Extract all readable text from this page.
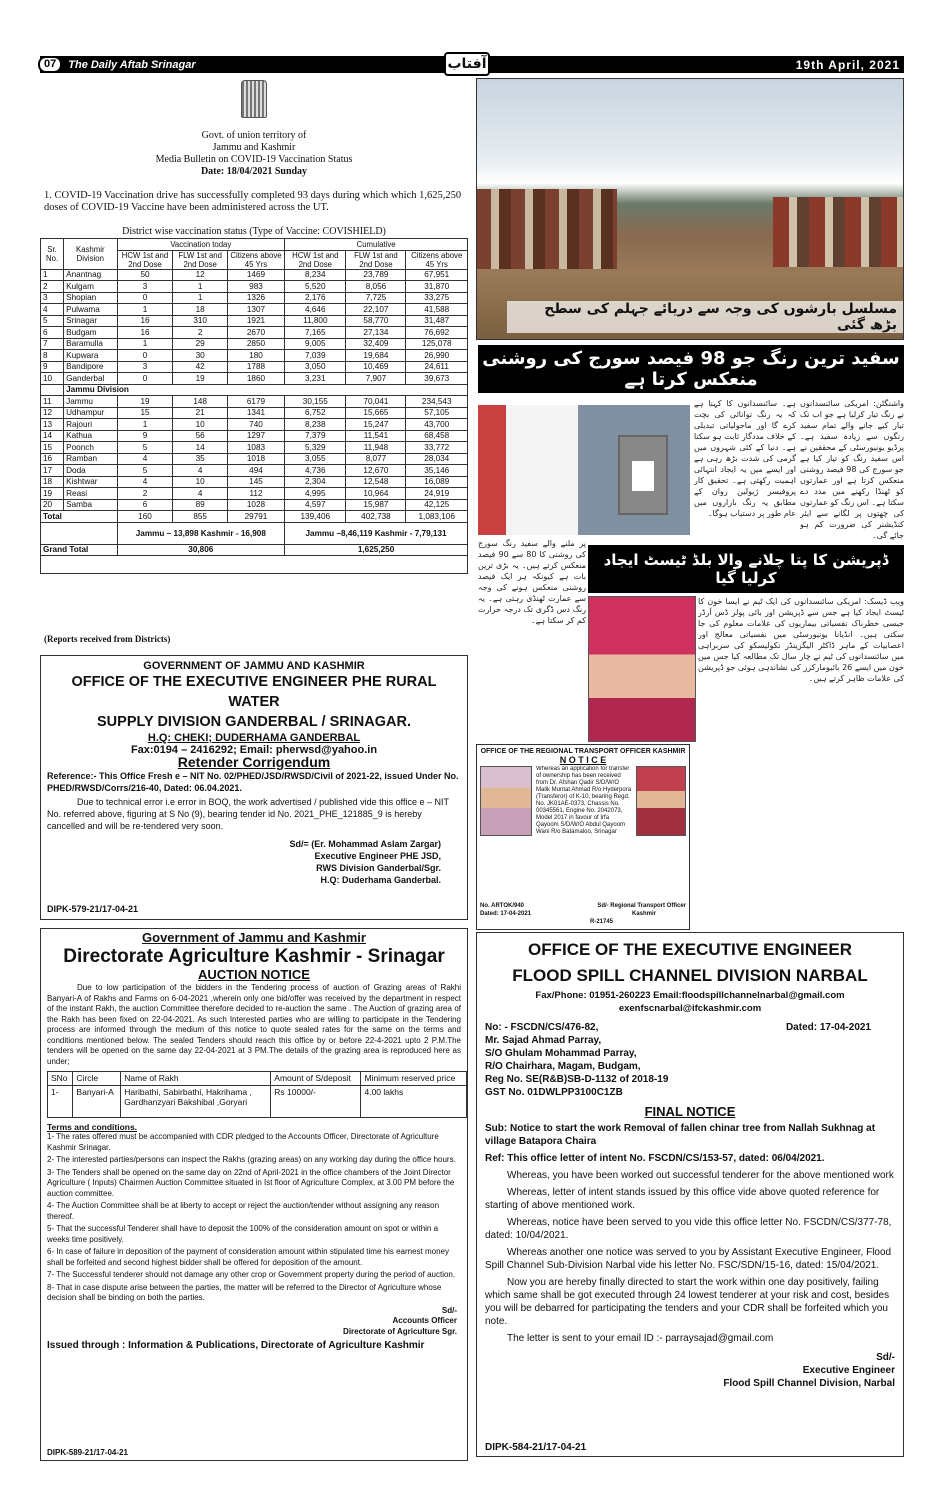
07	The Daily Aftab Srinagar	19th April, 2021
آفتاب
Govt. of union territory of
Jammu and Kashmir
Media Bulletin on COVID-19 Vaccination Status
Date: 18/04/2021 Sunday
1. COVID-19 Vaccination drive has successfully completed 93 days during which which 1,625,250 doses of COVID-19 Vaccine have been administered across the UT.
District wise vaccination status (Type of Vaccine: COVISHIELD)
Sr. No.	Kashmir Division	Vaccination today			Cumulative		
		HCW 1st and 2nd Dose	FLW 1st and 2nd Dose	Citizens above 45 Yrs	HCW 1st and 2nd Dose	FLW 1st and 2nd Dose	Citizens above 45 Yrs
1	Anantnag	50	12	1469	8,234	23,789	67,951
2	Kulgam	3	1	983	5,520	8,056	31,870
3	Shopian	0	1	1326	2,176	7,725	33,275
4	Pulwama	1	18	1307	4,646	22,107	41,588
5	Srinagar	16	310	1921	11,800	58,770	31,487
6	Budgam	16	2	2670	7,165	27,134	76,692
7	Baramulla	1	29	2850	9,005	32,409	125,078
8	Kupwara	0	30	180	7,039	19,684	26,990
9	Bandipore	3	42	1788	3,050	10,469	24,611
10	Ganderbal	0	19	1860	3,231	7,907	39,673
	Jammu Division						
11	Jammu	19	148	6179	30,155	70,041	234,543
12	Udhampur	15	21	1341	6,752	15,665	57,105
13	Rajouri	1	10	740	8,238	15,247	43,700
14	Kathua	9	56	1297	7,379	11,541	68,458
15	Poonch	5	14	1083	5,329	11,948	33,772
16	Ramban	4	35	1018	3,055	8,077	28,034
17	Doda	5	4	494	4,736	12,670	35,146
18	Kishtwar	4	10	145	2,304	12,548	16,089
19	Reasi	2	4	112	4,995	10,964	24,919
20	Samba	6	89	1028	4,597	15,987	42,125
Total		160	855	29791	139,406	402,738	1,083,106
		Jammu – 13,898 Kashmir - 16,908			Jammu –8,46,119 Kashmir - 7,79,131		
Grand Total		30,806			1,625,250		

(Reports received from Districts)
GOVERNMENT OF JAMMU AND KASHMIR
OFFICE OF THE EXECUTIVE ENGINEER PHE RURAL WATER
SUPPLY DIVISION GANDERBAL / SRINAGAR.
H.Q: CHEKI; DUDERHAMA GANDERBAL
Fax:0194 – 2416292; Email: pherwsd@yahoo.in
Retender Corrigendum
Reference:- This Office Fresh e – NIT No. 02/PHED/JSD/RWSD/Civil of 2021-22, issued Under No. PHED/RWSD/Corrs/216-40, Dated: 06.04.2021.
Due to technical error i.e error in BOQ, the work advertised / published vide this office e – NIT No. referred above, figuring at S No (9), bearing tender id No. 2021_PHE_121885_9 is hereby cancelled and will be re-tendered very soon.
Sd/= (Er. Mohammad Aslam Zargar)
Executive Engineer PHE JSD,
RWS Division Ganderbal/Sgr.
H.Q: Duderhama Ganderbal.
DIPK-579-21/17-04-21
Government of Jammu and Kashmir
Directorate Agriculture Kashmir - Srinagar
AUCTION NOTICE
Due to low participation of the bidders in the Tendering process of auction of Grazing areas of Rakhi Banyari-A of Rakhs and Farms on 6-04-2021 ,wherein only one bid/offer was received by the department in respect of the instant Rakh, the auction Committee therefore decided to re-auction the same . The Auction of grazing area of the Rakh has been fixed on 22-04-2021. As such Interested parties who are willing to participate in the Tendering process are informed through the medium of this notice to quote sealed rates for the same on the terms and conditions mentioned below. The sealed Tenders should reach this office by or before 22-4-2021 upto 2 P.M.The tenders will be opened on the same day 22-04-2021 at 3 PM.The details of the grazing area is reproduced here as under;
SNo	Circle	Name of Rakh	Amount of S/deposit	Minimum reserved price
1-	Banyari-A	Haribathi, Sabirbathi, Hakrihama , Gardhanzyari Bakshibal ,Goryari	Rs 10000/-	4.00 lakhs
Terms and conditions.
1- The rates offered must be accompanied with CDR pledged to the Accounts Officer, Directorate of Agriculture Kashmir Srinagar.
2- The interested parties/persons can inspect the Rakhs (grazing areas) on any working day during the office hours.
3- The Tenders shall be opened on the same day on 22nd of April-2021 in the office chambers of the Joint Director Agriculture ( Inputs) Chairmen Auction Committee situated in Ist floor of Agriculture Complex, at 3.00 PM before the auction committee.
4- The Auction Committee shall be at liberty to accept or reject the auction/tender without assigning any reason thereof.
5- That the successful Tenderer shall have to deposit the 100% of the consideration amount on spot or within a weeks time positively.
6- In case of failure in deposition of the payment of consideration amount within stipulated time his earnest money shall be forfeited and second highest bidder shall be offered for deposition of the amount.
7- The Successful tenderer should not damage any other crop or Government property during the period of auction.
8- That in case dispute arise between the parties, the matter will be referred to the Director of Agriculture whose decision shall be binding on both the parties.
Sd/-
Accounts Officer
Directorate of Agriculture Sgr.
Issued through : Information & Publications, Directorate of Agriculture Kashmir
DIPK-589-21/17-04-21
OFFICE OF THE EXECUTIVE ENGINEER
FLOOD SPILL CHANNEL DIVISION NARBAL
Fax/Phone: 01951-260223 Email:floodspillchannelnarbal@gmail.com
exenfscnarbal@ifckashmir.com
No: - FSCDN/CS/476-82,	Dated: 17-04-2021
Mr. Sajad Ahmad Parray,
S/O Ghulam Mohammad Parray,
R/O Chairhara, Magam, Budgam,
Reg No. SE(R&B)SB-D-1132 of 2018-19
GST No. 01DWLPP3100C1ZB
FINAL NOTICE

Sub: Notice to start the work Removal of fallen chinar tree from Nallah Sukhnag at village Batapora Chaira

Ref: This office letter of intent No. FSCDN/CS/153-57, dated: 06/04/2021.

Whereas, you have been worked out successful tenderer for the above mentioned work

Whereas, letter of intent stands issued by this office vide above quoted reference for starting of above mentioned work.

Whereas, notice have been served to you vide this office letter No. FSCDN/CS/377-78, dated: 10/04/2021.

Whereas another one notice was served to you by Assistant Executive Engineer, Flood Spill Channel Sub-Division Narbal vide his letter No. FSC/SDN/15-16, dated: 15/04/2021.

Now you are hereby finally directed to start the work within one day positively, failing which same shall be got executed through 24 lowest tenderer at your risk and cost, besides you will be debarred for participating the tenders and your CDR shall be forfeited which you note.

The letter is sent to your email ID :- parraysajad@gmail.com

Sd/-
Executive Engineer
Flood Spill Channel Division, Narbal
DIPK-584-21/17-04-21
مسلسل بارشوں کی وجہ سے دریائے جہلم کی سطح بڑھ گئی
سفید ترین رنگ جو 98 فیصد سورج کی روشنی منعکس کرتا ہے
واشنگٹن: امریکی سائنسدانوں نے رنگ تیار کرلیا ہے جو اب تک تیار کیے جانے والے تمام سفید رنگوں سے زیادہ سفید ہے۔ پرڈیو یونیورسٹی کے محققین نے اس سفید رنگ کو تیار کیا ہے جو سورج کی 98 فیصد روشنی منعکس کرتا ہے اور عمارتوں کو ٹھنڈا رکھنے میں مدد دے سکتا ہے۔ اس رنگ کو عمارتوں کی چھتوں پر لگانے سے ایئر کنڈیشنر کی ضرورت کم ہو جائے گی۔
ہے۔ سائنسدانوں کا کہنا ہے کہ یہ رنگ توانائی کی بچت کرے گا اور ماحولیاتی تبدیلی کے خلاف مددگار ثابت ہو سکتا ہے۔ دنیا کے کئی شہروں میں گرمی کی شدت بڑھ رہی ہے اور ایسے میں یہ ایجاد انتہائی اہمیت رکھتی ہے۔ تحقیق کار پروفیسر ژیولین روان کے مطابق یہ رنگ بازاروں میں عام طور پر دستیاب ہوگا۔
پر ملنے والے سفید رنگ سورج کی روشنی کا 80 سے 90 فیصد منعکس کرتے ہیں۔ یہ بڑی ترین بات ہے کیونکہ ہر ایک فیصد روشنی منعکس ہونے کی وجہ سے عمارت ٹھنڈی رہتی ہے۔ یہ رنگ دس ڈگری تک درجہ حرارت کم کر سکتا ہے۔
ڈپریشن کا پتا چلانے والا بلڈ ٹیسٹ ایجاد کرلیا گیا
ویب ڈیسک: امریکی سائنسدانوں کی ایک ٹیم نے ایسا خون کا ٹیسٹ ایجاد کیا ہے جس سے ڈپریشن اور بائی پولر ڈس آرڈر جیسی خطرناک نفسیاتی بیماریوں کی علامات معلوم کی جا سکتی ہیں۔ انڈیانا یونیورسٹی میں نفسیاتی معالج اور اعصابیات کے ماہر ڈاکٹر الیگزینڈر نکولیسکو کی سربراہی میں سائنسدانوں کی ٹیم نے چار سال تک مطالعہ کیا جس میں خون میں ایسے 26 بائیومارکرز کی نشاندہی ہوئی جو ڈپریشن کی علامات ظاہر کرتے ہیں۔
OFFICE OF THE REGIONAL TRANSPORT OFFICER KASHMIR
N O T I C E
Whereas an application for transfer of ownership has been received from Dr. Afshan Qadir S/D/W/O Malik Muntat Ahmad R/o Hyderpora (Transferor) of K-10, bearing Regd. No. JK01AE-0373, Chassis No. 00345561, Engine No. 2042073, Model 2017 in favour of Irfa Qayoom S/D/W/O Abdul Qayoom Wani R/o Batamaloo, Srinagar
No. ARTOK/940	Sd/- Regional Transport Officer
Dated: 17-04-2021	Kashmir
R-21745
